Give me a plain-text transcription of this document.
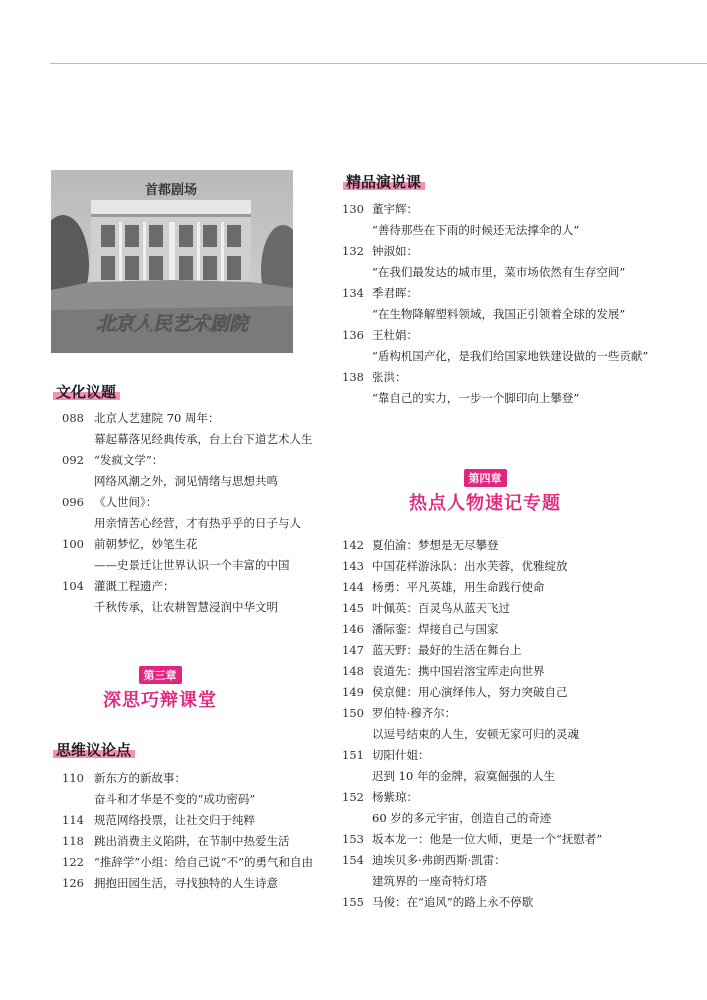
首都剧场
北京人民艺术剧院
文化议题
088 北京人艺建院 70 周年：
幕起幕落见经典传承，台上台下道艺术人生
092 “发疯文学”：
网络风潮之外，洞见情绪与思想共鸣
096 《人世间》：
用亲情苦心经营，才有热乎乎的日子与人
100 前朝梦忆，妙笔生花
——史景迁让世界认识一个丰富的中国
104 灌溉工程遗产：
千秋传承，让农耕智慧浸润中华文明
第三章
深思巧辩课堂
思维议论点
110 新东方的新故事：
奋斗和才华是不变的“成功密码”
114 规范网络投票，让社交归于纯粹
118 跳出消费主义陷阱，在节制中热爱生活
122 “推辞学”小组：给自己说“不”的勇气和自由
126 拥抱田园生活，寻找独特的人生诗意
精品演说课
130 董宇辉：
“善待那些在下雨的时候还无法撑伞的人”
132 钟淑如：
“在我们最发达的城市里，菜市场依然有生存空间”
134 季君晖：
“在生物降解塑料领域，我国正引领着全球的发展”
136 王杜娟：
“盾构机国产化，是我们给国家地铁建设做的一些贡献”
138 张洪：
“靠自己的实力，一步一个脚印向上攀登”
第四章
热点人物速记专题
142 夏伯渝：梦想是无尽攀登
143 中国花样游泳队：出水芙蓉，优雅绽放
144 杨勇：平凡英雄，用生命践行使命
145 叶佩英：百灵鸟从蓝天飞过
146 潘际銮：焊接自己与国家
147 蓝天野：最好的生活在舞台上
148 袁道先：携中国岩溶宝库走向世界
149 侯京健：用心演绎伟人，努力突破自己
150 罗伯特·穆齐尔：
以逗号结束的人生，安顿无家可归的灵魂
151 切阳什姐：
迟到 10 年的金牌，寂寞倔强的人生
152 杨紫琼：
60 岁的多元宇宙，创造自己的奇迹
153 坂本龙一：他是一位大师，更是一个“抚慰者”
154 迪埃贝多·弗朗西斯·凯雷：
建筑界的一座奇特灯塔
155 马俊：在“追风”的路上永不停歇
